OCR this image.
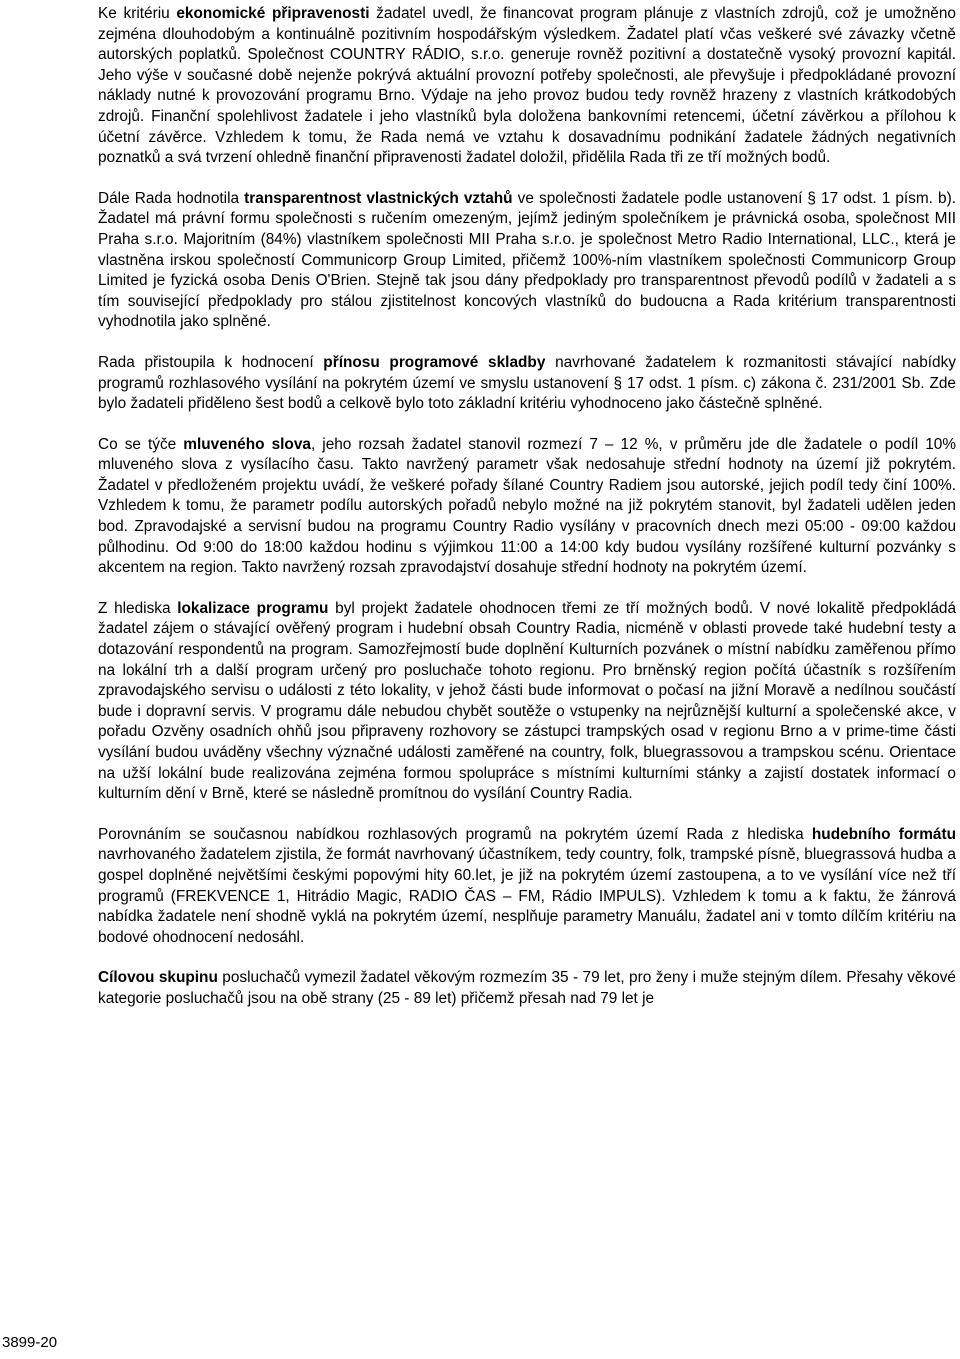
Ke kritériu ekonomické připravenosti žadatel uvedl, že financovat program plánuje z vlastních zdrojů, což je umožněno zejména dlouhodobým a kontinuálně pozitivním hospodářským výsledkem. Žadatel platí včas veškeré své závazky včetně autorských poplatků. Společnost COUNTRY RÁDIO, s.r.o. generuje rovněž pozitivní a dostatečně vysoký provozní kapitál. Jeho výše v současné době nejenže pokrývá aktuální provozní potřeby společnosti, ale převyšuje i předpokládané provozní náklady nutné k provozování programu Brno. Výdaje na jeho provoz budou tedy rovněž hrazeny z vlastních krátkodobých zdrojů. Finanční spolehlivost žadatele i jeho vlastníků byla doložena bankovními retencemi, účetní závěrkou a přílohou k účetní závěrce. Vzhledem k tomu, že Rada nemá ve vztahu k dosavadnímu podnikání žadatele žádných negativních poznatků a svá tvrzení ohledně finanční připravenosti žadatel doložil, přidělila Rada tři ze tří možných bodů.

Dále Rada hodnotila transparentnost vlastnických vztahů ve společnosti žadatele podle ustanovení § 17 odst. 1 písm. b). Žadatel má právní formu společnosti s ručením omezeným, jejímž jediným společníkem je právnická osoba, společnost MII Praha s.r.o. Majoritním (84%) vlastníkem společnosti MII Praha s.r.o. je společnost Metro Radio International, LLC., která je vlastněna irskou společností Communicorp Group Limited, přičemž 100%-ním vlastníkem společnosti Communicorp Group Limited je fyzická osoba Denis O'Brien. Stejně tak jsou dány předpoklady pro transparentnost převodů podílů v žadateli a s tím související předpoklady pro stálou zjistitelnost koncových vlastníků do budoucna a Rada kritérium transparentnosti vyhodnotila jako splněné.

Rada přistoupila k hodnocení přínosu programové skladby navrhované žadatelem k rozmanitosti stávající nabídky programů rozhlasového vysílání na pokrytém území ve smyslu ustanovení § 17 odst. 1 písm. c) zákona č. 231/2001 Sb. Zde bylo žadateli přiděleno šest bodů a celkově bylo toto základní kritériu vyhodnoceno jako částečně splněné.

Co se týče mluveného slova, jeho rozsah žadatel stanovil rozmezí 7 – 12 %, v průměru jde dle žadatele o podíl 10% mluveného slova z vysílacího času. Takto navržený parametr však nedosahuje střední hodnoty na území již pokrytém. Žadatel v předloženém projektu uvádí, že veškeré pořady šílané Country Radiem jsou autorské, jejich podíl tedy činí 100%. Vzhledem k tomu, že parametr podílu autorských pořadů nebylo možné na již pokrytém stanovit, byl žadateli udělen jeden bod. Zpravodajské a servisní budou na programu Country Radio vysílány v pracovních dnech mezi 05:00 - 09:00 každou půlhodinu. Od 9:00 do 18:00 každou hodinu s výjimkou 11:00 a 14:00 kdy budou vysílány rozšířené kulturní pozvánky s akcentem na region. Takto navržený rozsah zpravodajství dosahuje střední hodnoty na pokrytém území.

Z hlediska lokalizace programu byl projekt žadatele ohodnocen třemi ze tří možných bodů. V nové lokalitě předpokládá žadatel zájem o stávající ověřený program i hudební obsah Country Radia, nicméně v oblasti provede také hudební testy a dotazování respondentů na program. Samozřejmostí bude doplnění Kulturních pozvánek o místní nabídku zaměřenou přímo na lokální trh a další program určený pro posluchače tohoto regionu. Pro brněnský region počítá účastník s rozšířením zpravodajského servisu o události z této lokality, v jehož části bude informovat o počasí na jižní Moravě a nedílnou součástí bude i dopravní servis. V programu dále nebudou chybět soutěže o vstupenky na nejrůznější kulturní a společenské akce, v pořadu Ozvěny osadních ohňů jsou připraveny rozhovory se zástupci trampských osad v regionu Brno a v prime-time části vysílání budou uváděny všechny význačné události zaměřené na country, folk, bluegrassovou a trampskou scénu. Orientace na užší lokální bude realizována zejména formou spolupráce s místními kulturními stánky a zajistí dostatek informací o kulturním dění v Brně, které se následně promítnou do vysílání Country Radia.

Porovnáním se současnou nabídkou rozhlasových programů na pokrytém území Rada z hlediska hudebního formátu navrhovaného žadatelem zjistila, že formát navrhovaný účastníkem, tedy country, folk, trampské písně, bluegrassová hudba a gospel doplněné největšími českými popovými hity 60.let, je již na pokrytém území zastoupena, a to ve vysílání více než tří programů (FREKVENCE 1, Hitrádio Magic, RADIO ČAS – FM, Rádio IMPULS). Vzhledem k tomu a k faktu, že žánrová nabídka žadatele není shodně vyklá na pokrytém území, nesplňuje parametry Manuálu, žadatel ani v tomto dílčím kritériu na bodové ohodnocení nedosáhl.

Cílovou skupinu posluchačů vymezil žadatel věkovým rozmezím 35 - 79 let, pro ženy i muže stejným dílem. Přesahy věkové kategorie posluchačů jsou na obě strany (25 - 89 let) přičemž přesah nad 79 let je

3899-20
